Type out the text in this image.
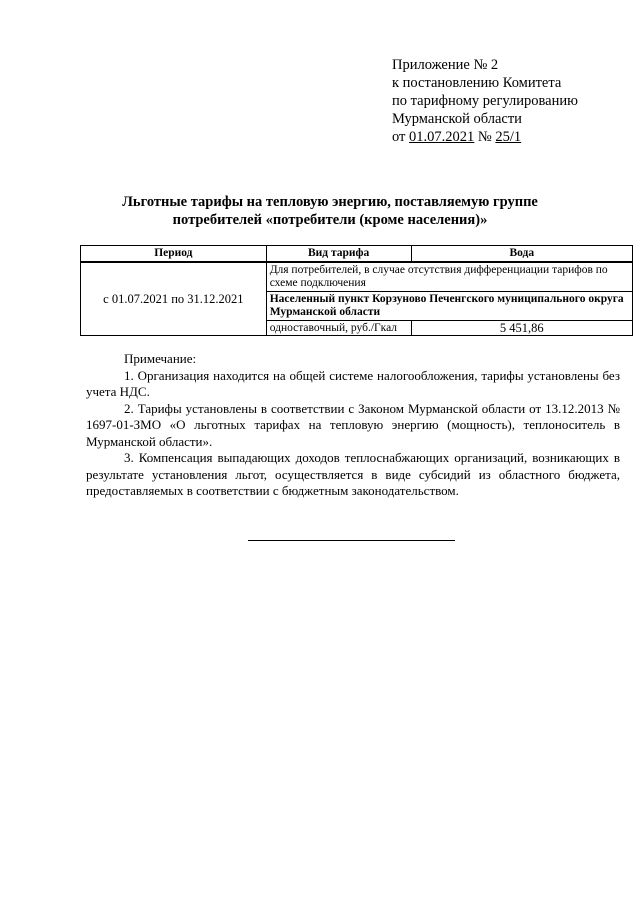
Приложение № 2
к постановлению Комитета
по тарифному регулированию
Мурманской области
от 01.07.2021 № 25/1
Льготные тарифы на тепловую энергию, поставляемую группе
потребителей «потребители (кроме населения)»
Период	Вид тарифа	Вода
с 01.07.2021 по 31.12.2021	Для потребителей, в случае отсутствия дифференциации тарифов по схеме подключения	
	Населенный пункт Корзуново Печенгского муниципального округа Мурманской области	
	одноставочный, руб./Гкал	5 451,86

Примечание:

1. Организация находится на общей системе налогообложения, тарифы установлены без учета НДС.

2. Тарифы установлены в соответствии с Законом Мурманской области от 13.12.2013 № 1697-01-ЗМО «О льготных тарифах на тепловую энергию (мощность), теплоноситель в Мурманской области».

3. Компенсация выпадающих доходов теплоснабжающих организаций, возникающих в результате установления льгот, осуществляется в виде субсидий из областного бюджета, предоставляемых в соответствии с бюджетным законодательством.
